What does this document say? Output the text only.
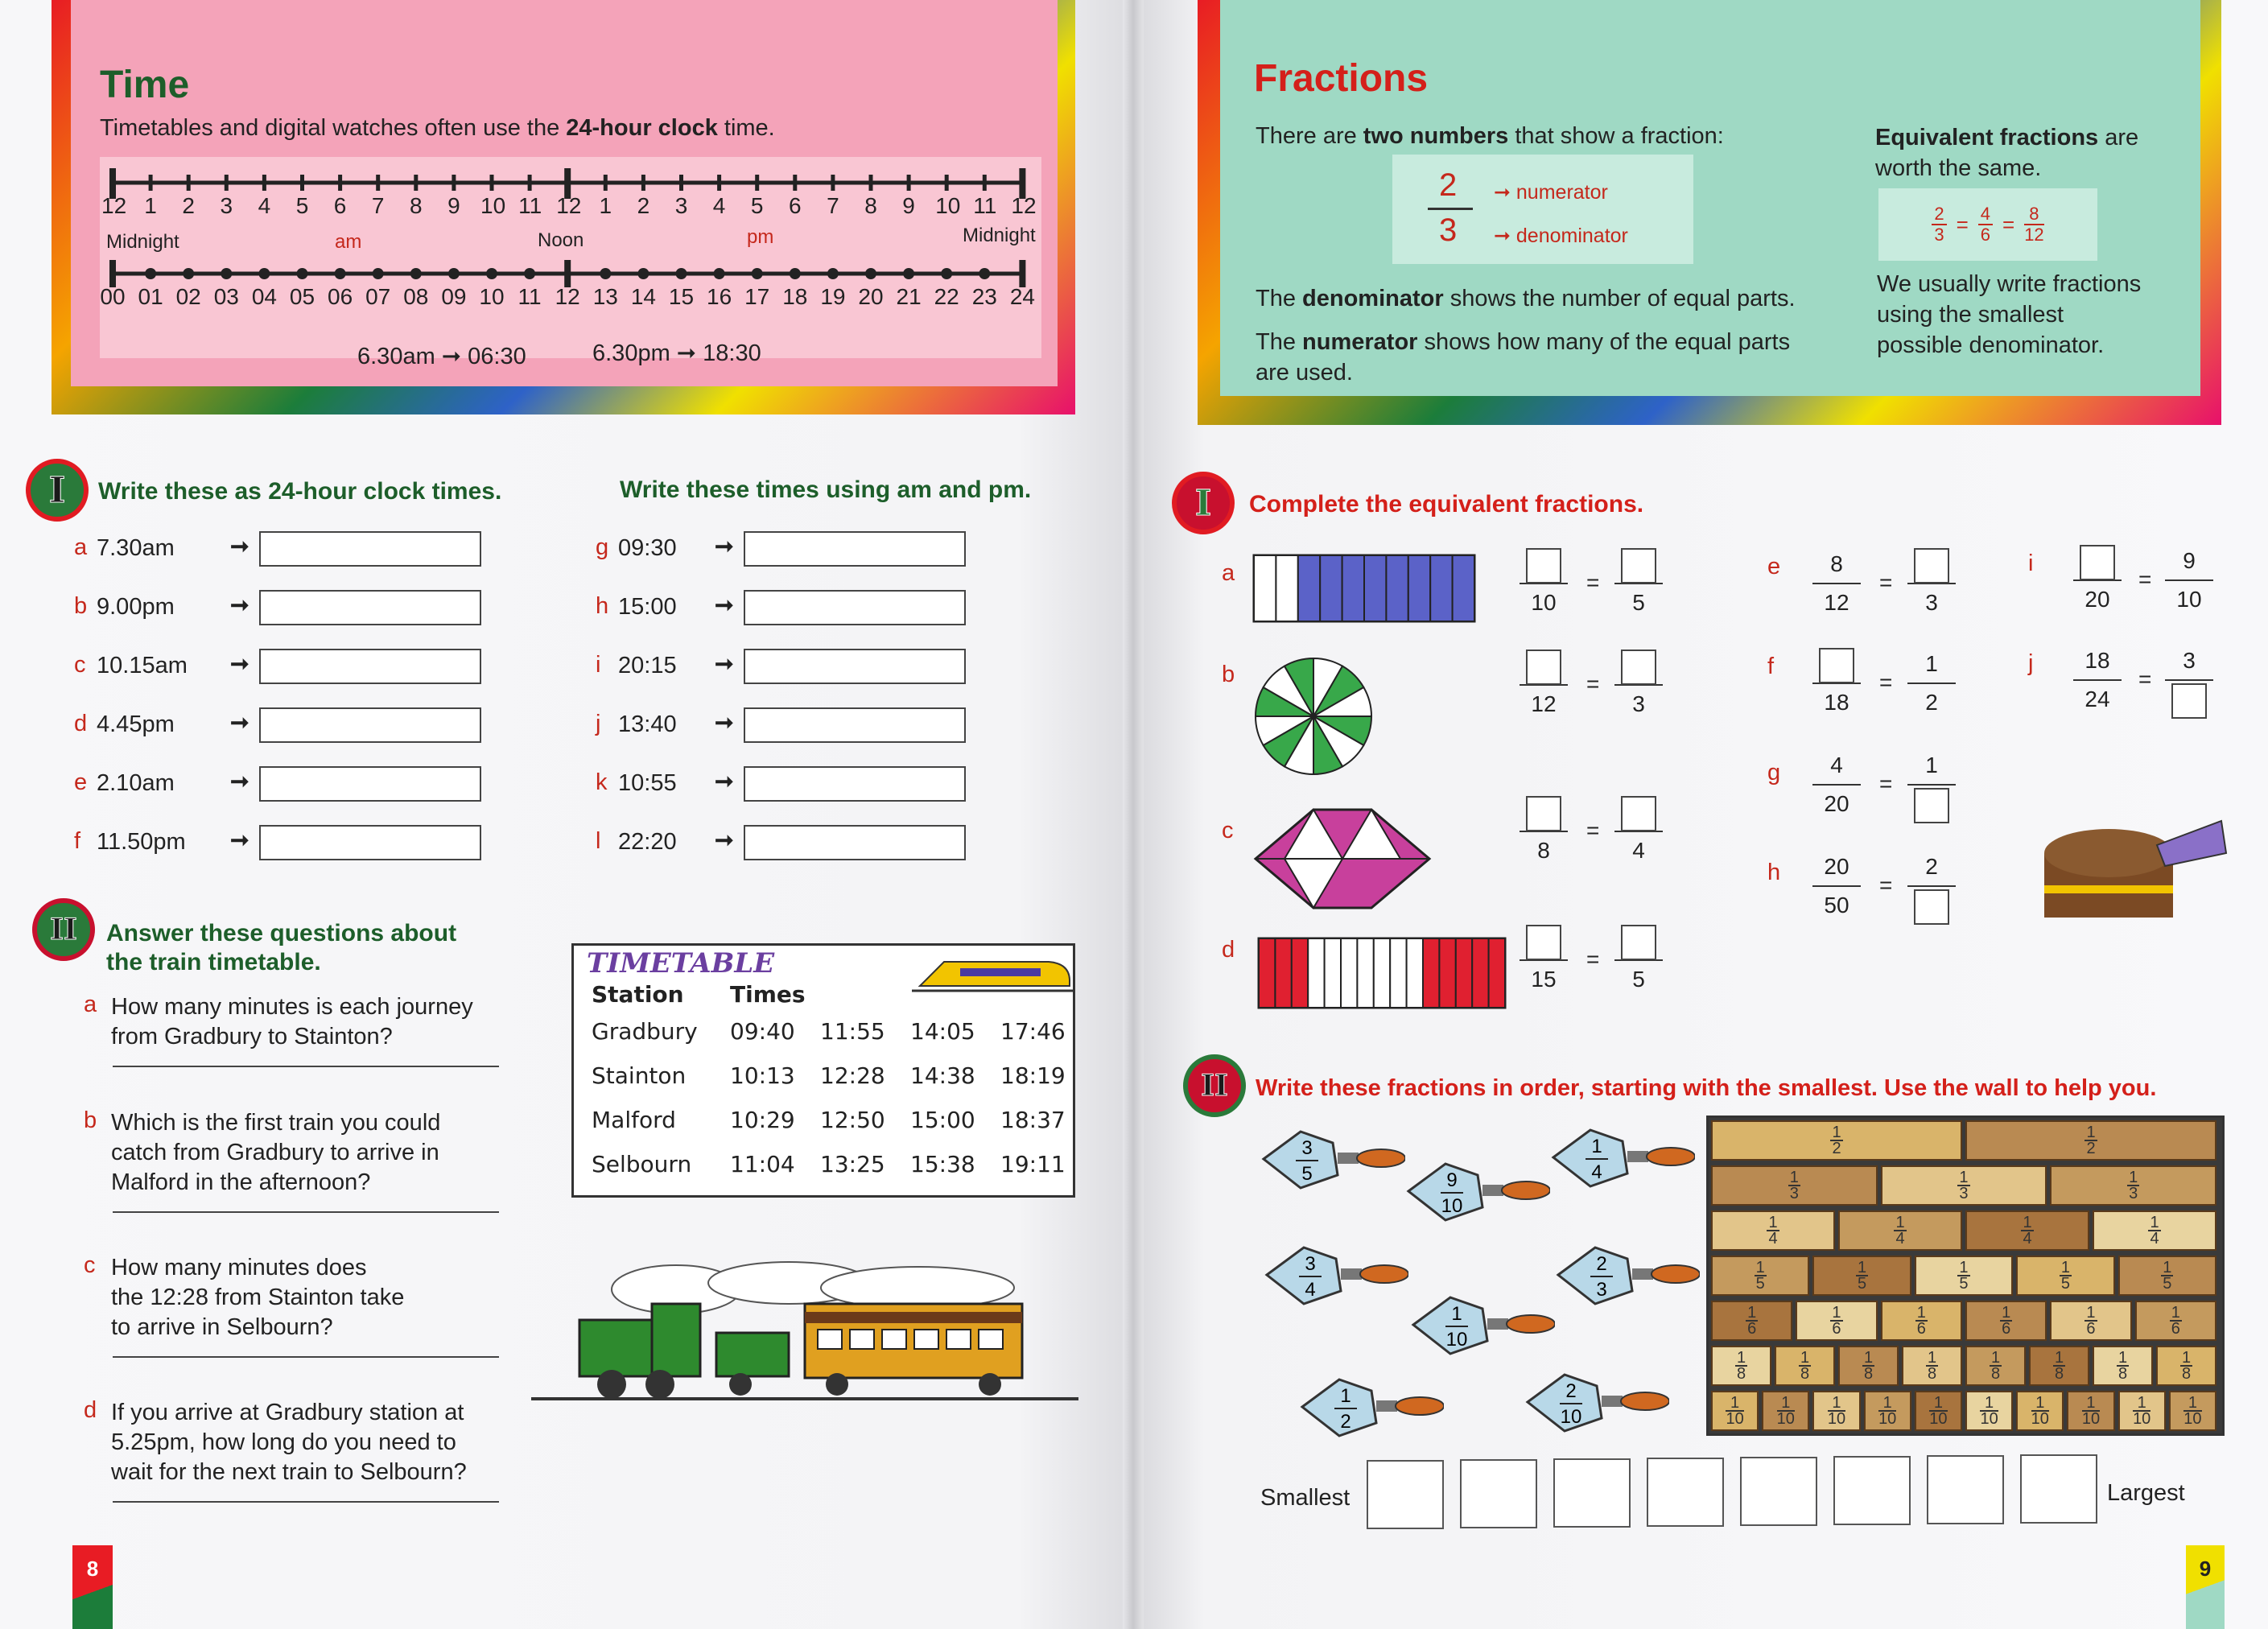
Time
Timetables and digital watches often use the 24-hour clock time.
12 1 2 3 4 5 6 7 8 9 10 11 12 1 2 3 4 5 6 7 8 9 10 11 12
00 01 02 03 04 05 06 07 08 09 10 11 12 13 14 15 16 17 18 19 20 21 22 23 24
Midnight	am	Noon	pm	Midnight
6.30am ➞ 06:30	6.30pm ➞ 18:30
I Write these as 24-hour clock times.	Write these times using am and pm.
a 7.30am ➞
b 9.00pm ➞
c 10.15am ➞
d 4.45pm ➞
e 2.10am ➞
f 11.50pm ➞
g 09:30 ➞
h 15:00 ➞
i 20:15 ➞
j 13:40 ➞
k 10:55 ➞
l 22:20 ➞
II Answer these questions about
the train timetable.
a How many minutes is each journey
from Gradbury to Stainton?
b Which is the first train you could
catch from Gradbury to arrive in
Malford in the afternoon?
c How many minutes does
the 12:28 from Stainton take
to arrive in Selbourn?
d If you arrive at Gradbury station at
5.25pm, how long do you need to
wait for the next train to Selbourn?
TIMETABLE
Station Times
Gradbury 09:40 11:55 14:05 17:46
Stainton 10:13 12:28 14:38 18:19
Malford 10:29 12:50 15:00 18:37
Selbourn 11:04 13:25 15:38 19:11
8
Fractions
There are two numbers that show a fraction:
2
3
➞ numerator
➞ denominator
The denominator shows the number of equal parts.
The numerator shows how many of the equal parts
are used.
Equivalent fractions are
worth the same.
$\frac{2}{3} = \frac{4}{6} = \frac{8}{12}$
We usually write fractions
using the smallest
possible denominator.
I Complete the equivalent fractions.
a
10
=
5
b
12
=
3
c
8
=
4
d
15
=
5
e	8
12
=
3
f
18
=
1
2
g	4
20
=
1
h	20
50
=
2
i
20
=
9
10
j	18
24
=
3
II Write these fractions in order, starting with the smallest. Use the wall to help you.
3
5	9
10
1
4
3
4
1
10
2
3
1
2
2
10
1
2
1
2
1
3
1
3
1
3
1
4
1
4
1
4
1
4
1
5
1
5
1
5
1
5
1
5
1
6
1
6
1
6
1
6
1
6
1
6
1
8
1
8
1
8
1
8
1
8
1
8
1
8
1
8
1
10
1
10
1
10
1
10
1
10
1
10
1
10
1
10
1
10
1
10
Smallest	Largest
9
